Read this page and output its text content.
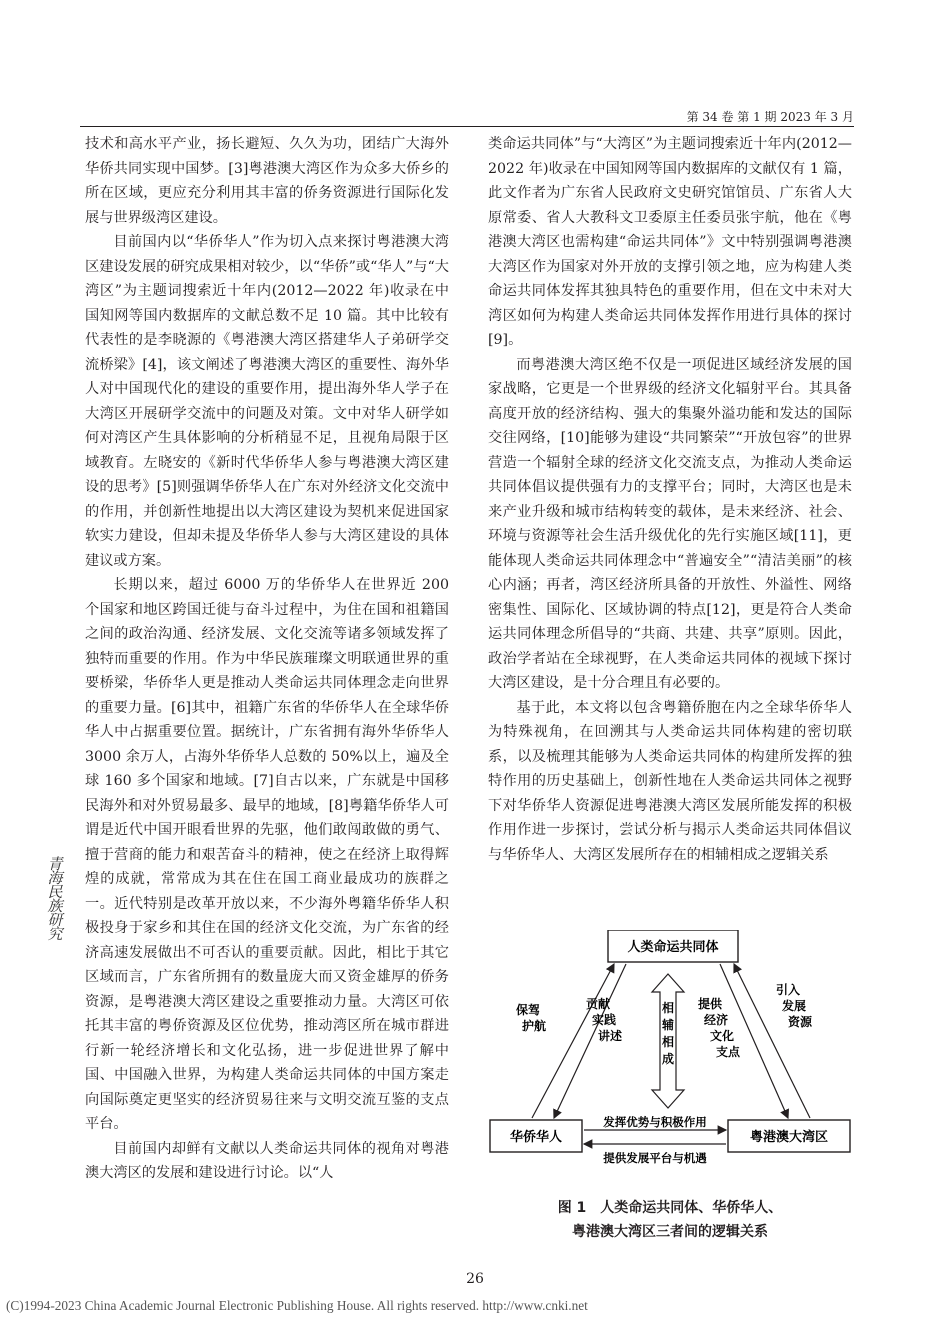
第 34 卷 第 1 期 2023 年 3 月
青海民族研究

技术和高水平产业，扬长避短、久久为功，团结广大海外华侨共同实现中国梦。[3]粤港澳大湾区作为众多大侨乡的所在区域，更应充分利用其丰富的侨务资源进行国际化发展与世界级湾区建设。

目前国内以“华侨华人”作为切入点来探讨粤港澳大湾区建设发展的研究成果相对较少，以“华侨”或“华人”与“大湾区”为主题词搜索近十年内(2012—2022 年)收录在中国知网等国内数据库的文献总数不足 10 篇。其中比较有代表性的是李晓源的《粤港澳大湾区搭建华人子弟研学交流桥梁》[4]，该文阐述了粤港澳大湾区的重要性、海外华人对中国现代化的建设的重要作用，提出海外华人学子在大湾区开展研学交流中的问题及对策。文中对华人研学如何对湾区产生具体影响的分析稍显不足，且视角局限于区域教育。左晓安的《新时代华侨华人参与粤港澳大湾区建设的思考》[5]则强调华侨华人在广东对外经济文化交流中的作用，并创新性地提出以大湾区建设为契机来促进国家软实力建设，但却未提及华侨华人参与大湾区建设的具体建议或方案。

长期以来，超过 6000 万的华侨华人在世界近 200 个国家和地区跨国迁徙与奋斗过程中，为住在国和祖籍国之间的政治沟通、经济发展、文化交流等诸多领域发挥了独特而重要的作用。作为中华民族璀璨文明联通世界的重要桥梁，华侨华人更是推动人类命运共同体理念走向世界的重要力量。[6]其中，祖籍广东省的华侨华人在全球华侨华人中占据重要位置。据统计，广东省拥有海外华侨华人 3000 余万人，占海外华侨华人总数的 50%以上，遍及全球 160 多个国家和地域。[7]自古以来，广东就是中国移民海外和对外贸易最多、最早的地域，[8]粤籍华侨华人可谓是近代中国开眼看世界的先驱，他们敢闯敢做的勇气、擅于营商的能力和艰苦奋斗的精神，使之在经济上取得辉煌的成就，常常成为其在住在国工商业最成功的族群之一。近代特别是改革开放以来，不少海外粤籍华侨华人积极投身于家乡和其住在国的经济文化交流，为广东省的经济高速发展做出不可否认的重要贡献。因此，相比于其它区域而言，广东省所拥有的数量庞大而又资金雄厚的侨务资源，是粤港澳大湾区建设之重要推动力量。大湾区可依托其丰富的粤侨资源及区位优势，推动湾区所在城市群进行新一轮经济增长和文化弘扬，进一步促进世界了解中国、中国融入世界，为构建人类命运共同体的中国方案走向国际奠定更坚实的经济贸易往来与文明交流互鉴的支点平台。

目前国内却鲜有文献以人类命运共同体的视角对粤港澳大湾区的发展和建设进行讨论。以“人

类命运共同体”与“大湾区”为主题词搜索近十年内(2012—2022 年)收录在中国知网等国内数据库的文献仅有 1 篇，此文作者为广东省人民政府文史研究馆馆员、广东省人大原常委、省人大教科文卫委原主任委员张宇航，他在《粤港澳大湾区也需构建“命运共同体”》文中特别强调粤港澳大湾区作为国家对外开放的支撑引领之地，应为构建人类命运共同体发挥其独具特色的重要作用，但在文中未对大湾区如何为构建人类命运共同体发挥作用进行具体的探讨[9]。

而粤港澳大湾区绝不仅是一项促进区域经济发展的国家战略，它更是一个世界级的经济文化辐射平台。其具备高度开放的经济结构、强大的集聚外溢功能和发达的国际交往网络，[10]能够为建设“共同繁荣”“开放包容”的世界营造一个辐射全球的经济文化交流支点，为推动人类命运共同体倡议提供强有力的支撑平台；同时，大湾区也是未来产业升级和城市结构转变的载体，是未来经济、社会、环境与资源等社会生活升级优化的先行实施区域[11]，更能体现人类命运共同体理念中“普遍安全”“清洁美丽”的核心内涵；再者，湾区经济所具备的开放性、外溢性、网络密集性、国际化、区域协调的特点[12]，更是符合人类命运共同体理念所倡导的“共商、共建、共享”原则。因此，政治学者站在全球视野，在人类命运共同体的视域下探讨大湾区建设，是十分合理且有必要的。

基于此，本文将以包含粤籍侨胞在内之全球华侨华人为特殊视角，在回溯其与人类命运共同体构建的密切联系，以及梳理其能够为人类命运共同体的构建所发挥的独特作用的历史基础上，创新性地在人类命运共同体之视野下对华侨华人资源促进粤港澳大湾区发展所能发挥的积极作用作进一步探讨，尝试分析与揭示人类命运共同体倡议与华侨华人、大湾区发展所存在的相辅相成之逻辑关系

人类命运共同体
华侨华人	粤港澳大湾区
相辅相成
保驾护航
贡献实践讲述
提供经济文化支点
引入发展资源
发挥优势与积极作用
提供发展平台与机遇
图 1　人类命运共同体、华侨华人、
粤港澳大湾区三者间的逻辑关系
26
(C)1994-2023 China Academic Journal Electronic Publishing House. All rights reserved. http://www.cnki.net
